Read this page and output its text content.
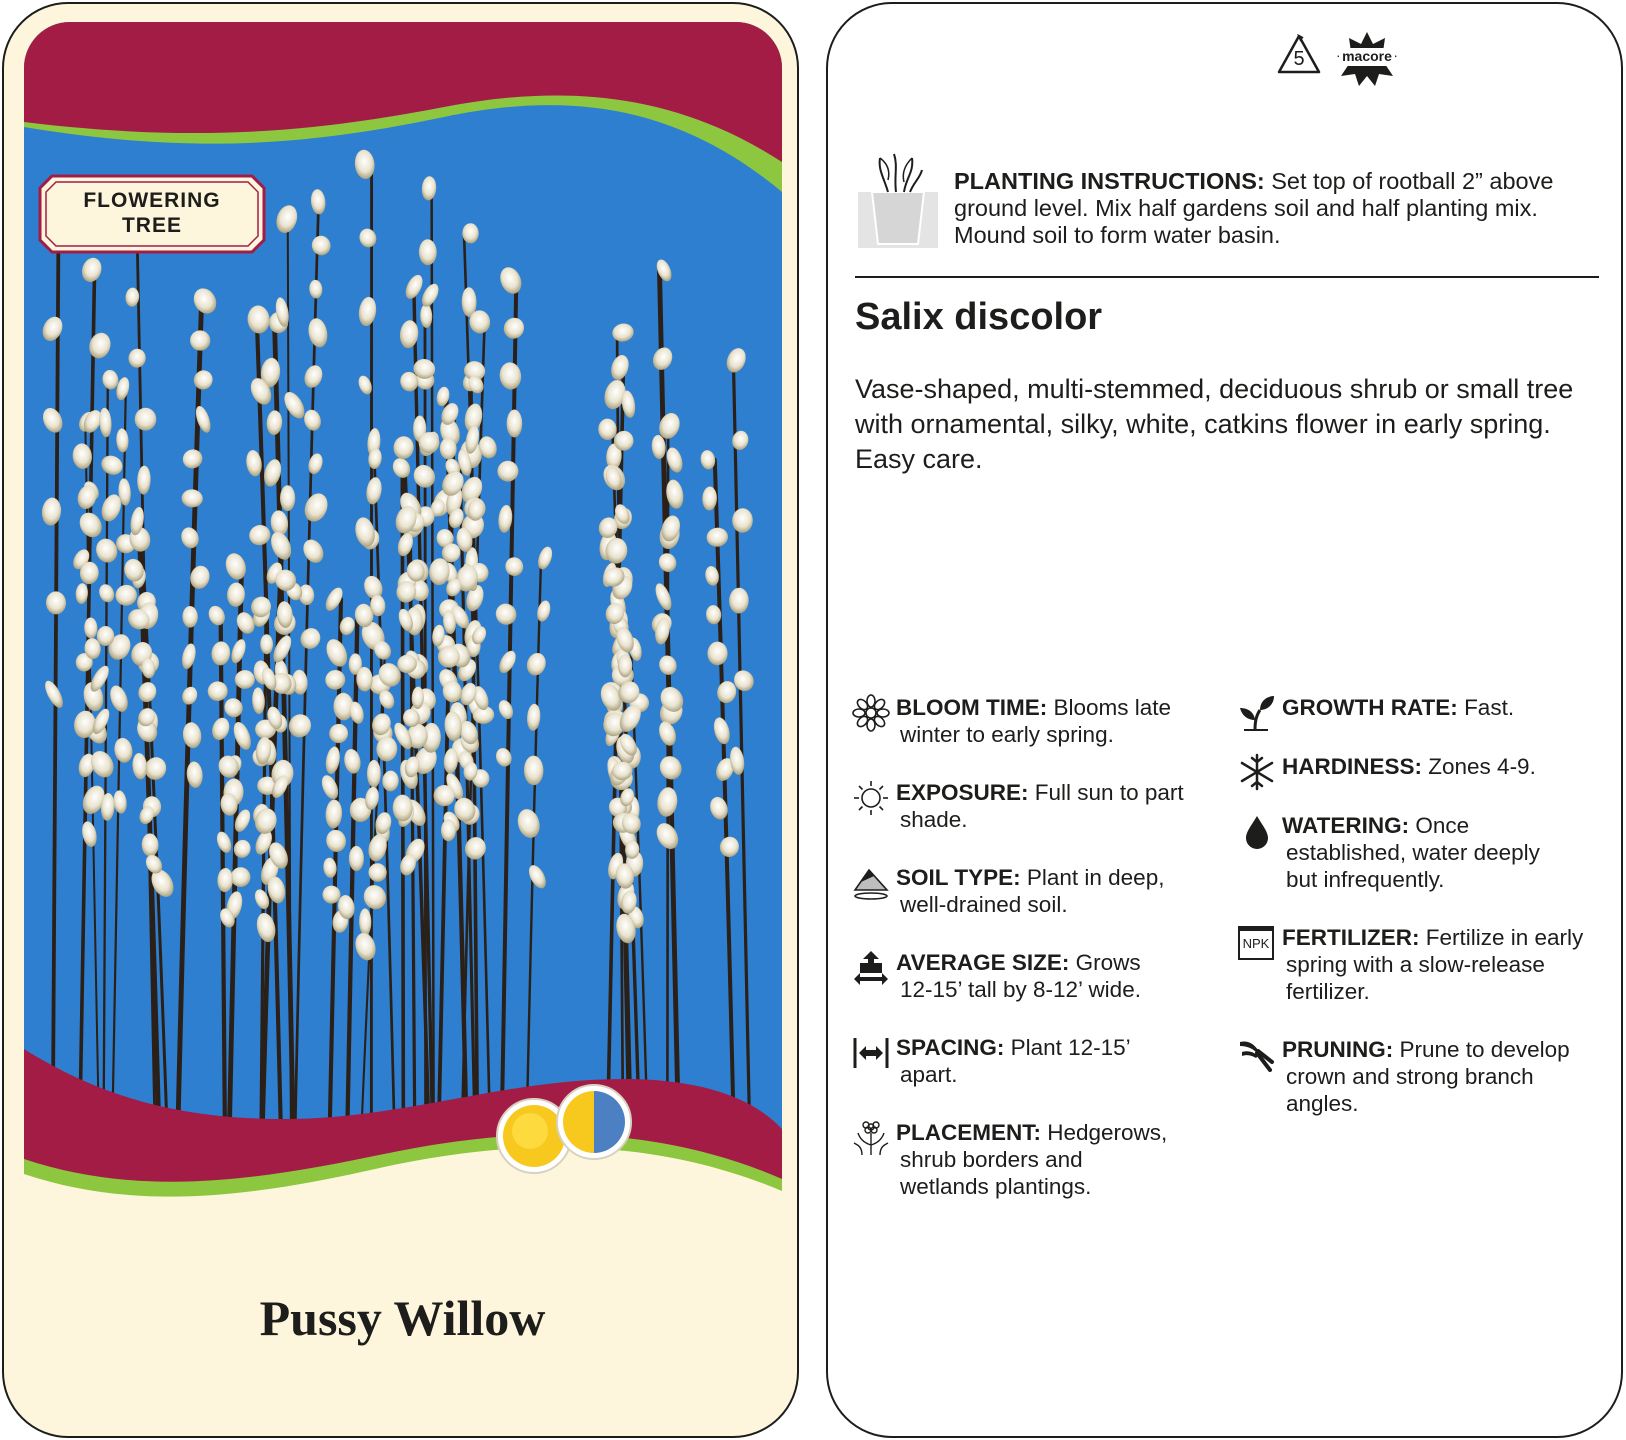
FLOWERING
TREE
Pussy Willow
5	macore
PLANTING INSTRUCTIONS: Set top of rootball 2” above ground level. Mix half gardens soil and half planting mix. Mound soil to form water basin.
Salix discolor
Vase-shaped, multi-stemmed, deciduous shrub or small tree with ornamental, silky, white, catkins flower in early spring. Easy care.
BLOOM TIME: Blooms late
winter to early spring.
EXPOSURE: Full sun to part
shade.
SOIL TYPE: Plant in deep,
well-drained soil.
AVERAGE SIZE: Grows
12-15’ tall by 8-12’ wide.
SPACING: Plant 12-15’
apart.
PLACEMENT: Hedgerows,
shrub borders and
wetlands plantings.
GROWTH RATE: Fast.
HARDINESS: Zones 4-9.
WATERING: Once
established, water deeply
but infrequently.
NPK FERTILIZER: Fertilize in early
spring with a slow-release
fertilizer.
PRUNING: Prune to develop
crown and strong branch
angles.
